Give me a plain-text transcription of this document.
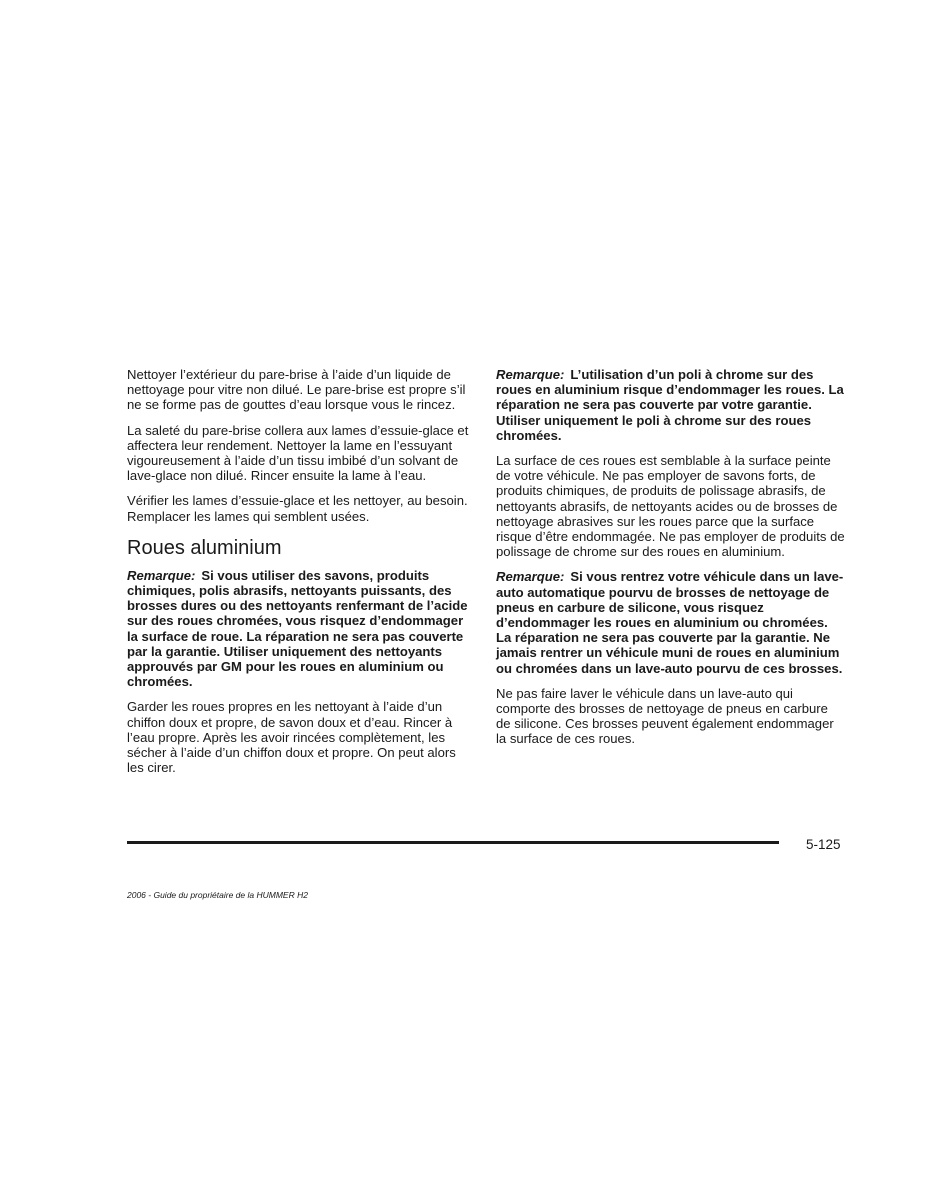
Nettoyer l’extérieur du pare-brise à l’aide d’un liquide de nettoyage pour vitre non dilué. Le pare-brise est propre s’il ne se forme pas de gouttes d’eau lorsque vous le rincez.

La saleté du pare-brise collera aux lames d’essuie-glace et affectera leur rendement. Nettoyer la lame en l’essuyant vigoureusement à l’aide d’un tissu imbibé d’un solvant de lave-glace non dilué. Rincer ensuite la lame à l’eau.

Vérifier les lames d’essuie-glace et les nettoyer, au besoin. Remplacer les lames qui semblent usées.

Roues aluminium

Remarque: Si vous utiliser des savons, produits chimiques, polis abrasifs, nettoyants puissants, des brosses dures ou des nettoyants renfermant de l’acide sur des roues chromées, vous risquez d’endommager la surface de roue. La réparation ne sera pas couverte par la garantie. Utiliser uniquement des nettoyants approuvés par GM pour les roues en aluminium ou chromées.

Garder les roues propres en les nettoyant à l’aide d’un chiffon doux et propre, de savon doux et d’eau. Rincer à l’eau propre. Après les avoir rincées complètement, les sécher à l’aide d’un chiffon doux et propre. On peut alors les cirer.

Remarque: L’utilisation d’un poli à chrome sur des roues en aluminium risque d’endommager les roues. La réparation ne sera pas couverte par votre garantie. Utiliser uniquement le poli à chrome sur des roues chromées.

La surface de ces roues est semblable à la surface peinte de votre véhicule. Ne pas employer de savons forts, de produits chimiques, de produits de polissage abrasifs, de nettoyants abrasifs, de nettoyants acides ou de brosses de nettoyage abrasives sur les roues parce que la surface risque d’être endommagée. Ne pas employer de produits de polissage de chrome sur des roues en aluminium.

Remarque: Si vous rentrez votre véhicule dans un lave-auto automatique pourvu de brosses de nettoyage de pneus en carbure de silicone, vous risquez d’endommager les roues en aluminium ou chromées. La réparation ne sera pas couverte par la garantie. Ne jamais rentrer un véhicule muni de roues en aluminium ou chromées dans un lave-auto pourvu de ces brosses.

Ne pas faire laver le véhicule dans un lave-auto qui comporte des brosses de nettoyage de pneus en carbure de silicone. Ces brosses peuvent également endommager la surface de ces roues.

5-125
2006 - Guide du propriétaire de la HUMMER H2
